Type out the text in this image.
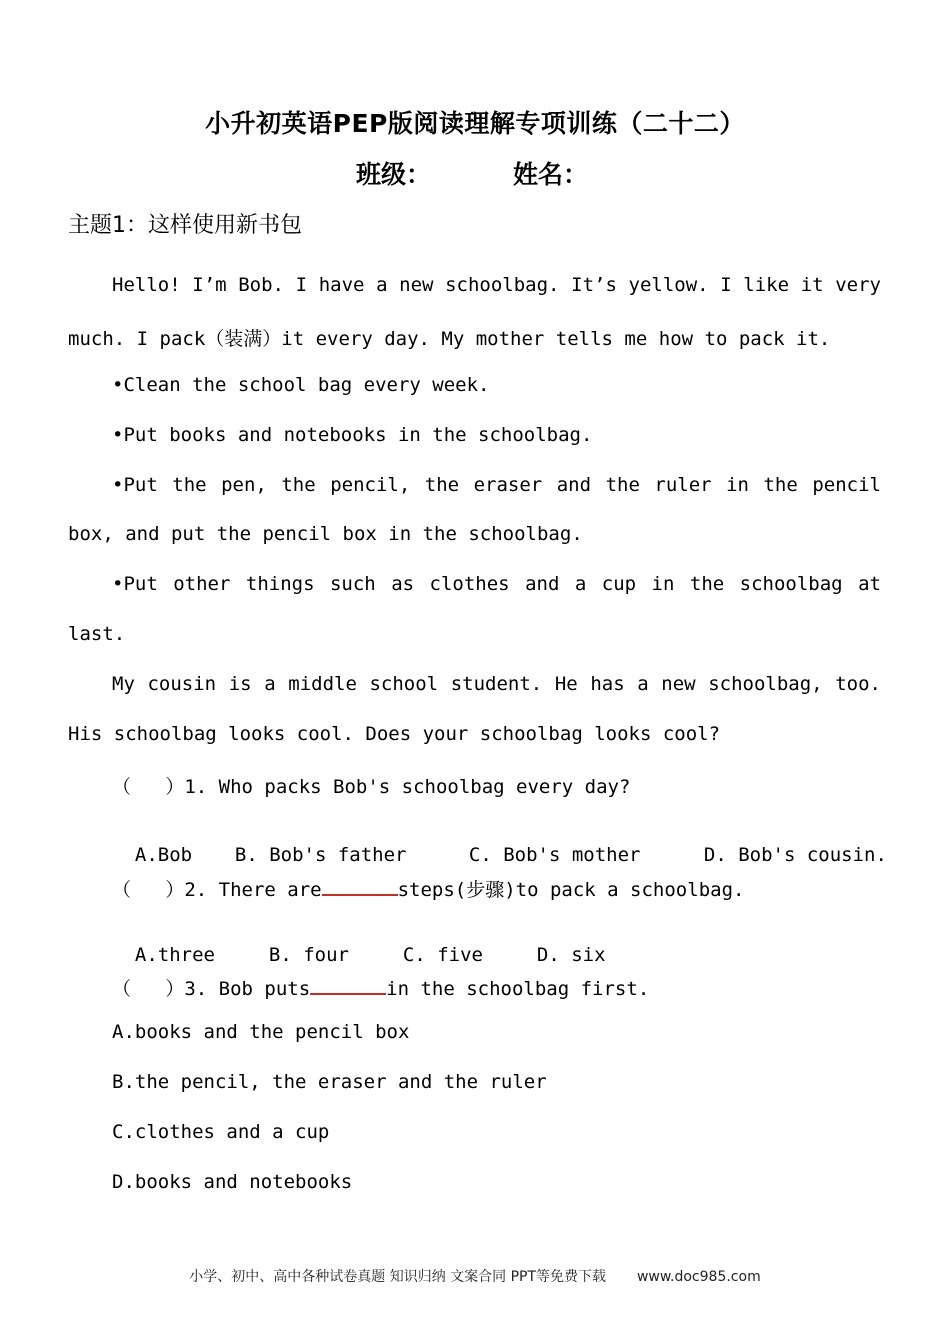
小升初英语PEP版阅读理解专项训练（二十二）
班级：	姓名：
主题1：这样使用新书包
Hello! I’m Bob. I have a new schoolbag. It’s yellow. I like it very
much. I pack（装满）it every day. My mother tells me how to pack it.
•Clean the school bag every week.
•Put books and notebooks in the schoolbag.
•Put the pen, the pencil, the eraser and the ruler in the pencil
box, and put the pencil box in the schoolbag.
•Put other things such as clothes and a cup in the schoolbag at
last.
My cousin is a middle school student. He has a new schoolbag, too.
His schoolbag looks cool. Does your schoolbag looks cool?
（   ）1. Who packs Bob's schoolbag every day?

A.Bob B. Bob's father	C. Bob's mother	D. Bob's cousin.

（   ）2. There are	steps(步骤)to pack a schoolbag.

A.three	B. four	C. five	D. six

（   ）3. Bob puts	in the schoolbag first.
A.books and the pencil box
B.the pencil, the eraser and the ruler
C.clothes and a cup
D.books and notebooks
小学、初中、高中各种试卷真题 知识归纳 文案合同 PPT等免费下载 www.doc985.com
